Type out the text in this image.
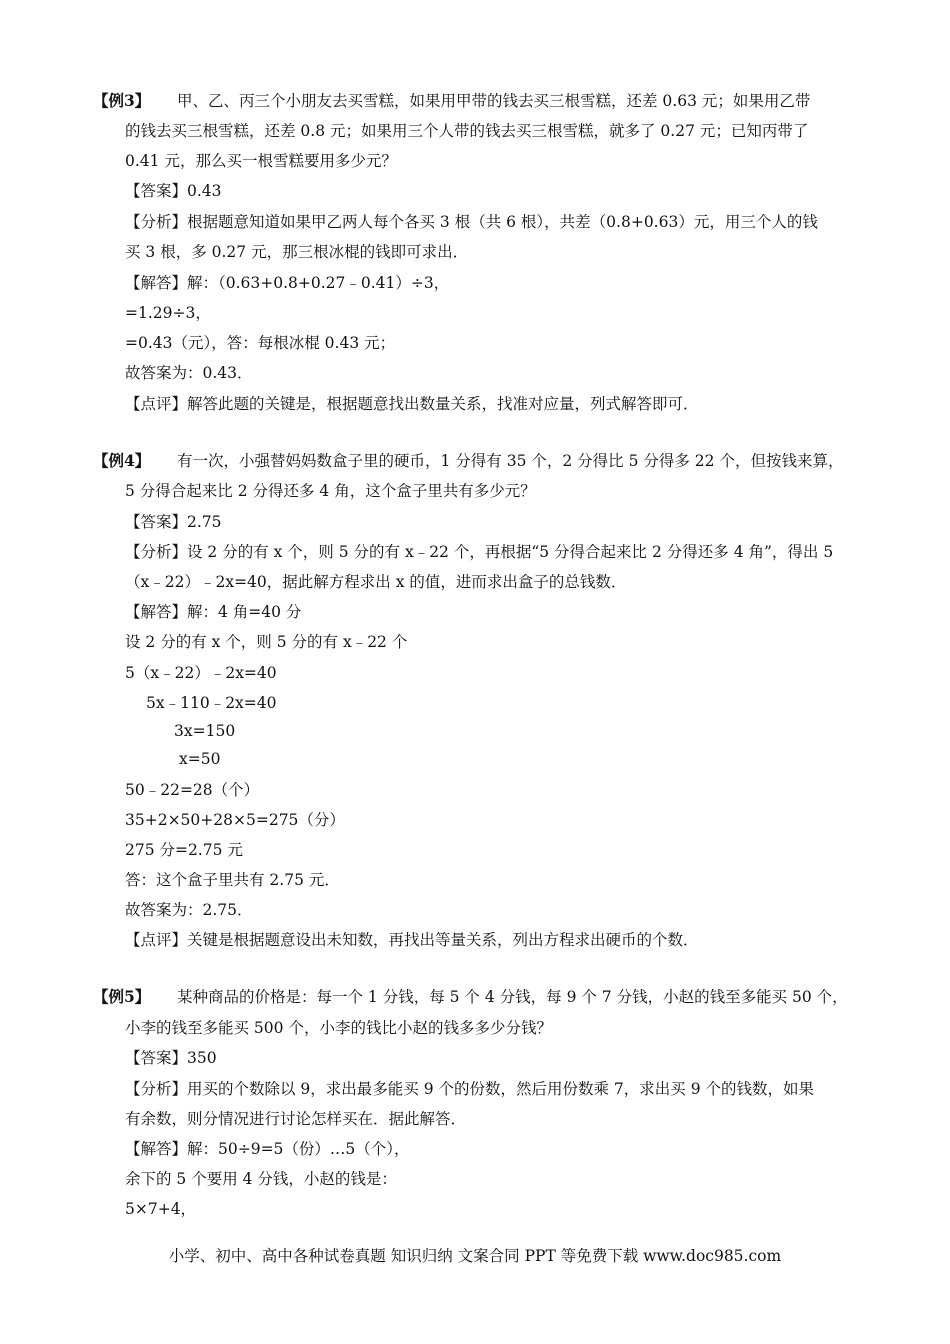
【例3】 甲、乙、丙三个小朋友去买雪糕，如果用甲带的钱去买三根雪糕，还差 0.63 元；如果用乙带
的钱去买三根雪糕，还差 0.8 元；如果用三个人带的钱去买三根雪糕，就多了 0.27 元；已知丙带了
0.41 元，那么买一根雪糕要用多少元？
【答案】0.43
【分析】根据题意知道如果甲乙两人每个各买 3 根（共 6 根），共差（0.8+0.63）元，用三个人的钱
买 3 根，多 0.27 元，那三根冰棍的钱即可求出．
【解答】解：（0.63+0.8+0.27﹣0.41）÷3，
=1.29÷3，
=0.43（元），答：每根冰棍 0.43 元；
故答案为：0.43．
【点评】解答此题的关键是，根据题意找出数量关系，找准对应量，列式解答即可．
【例4】 有一次，小强替妈妈数盒子里的硬币，1 分得有 35 个，2 分得比 5 分得多 22 个，但按钱来算，
5 分得合起来比 2 分得还多 4 角，这个盒子里共有多少元？
【答案】2.75
【分析】设 2 分的有 x 个，则 5 分的有 x﹣22 个，再根据“5 分得合起来比 2 分得还多 4 角”，得出 5
（x﹣22）﹣2x=40，据此解方程求出 x 的值，进而求出盒子的总钱数．
【解答】解：4 角=40 分
设 2 分的有 x 个，则 5 分的有 x﹣22 个
5（x﹣22）﹣2x=40
5x﹣110﹣2x=40
3x=150
x=50
50﹣22=28（个）
35+2×50+28×5=275（分）
275 分=2.75 元
答：这个盒子里共有 2.75 元．
故答案为：2.75．
【点评】关键是根据题意设出未知数，再找出等量关系，列出方程求出硬币的个数．
【例5】 某种商品的价格是：每一个 1 分钱，每 5 个 4 分钱，每 9 个 7 分钱，小赵的钱至多能买 50 个，
小李的钱至多能买 500 个，小李的钱比小赵的钱多多少分钱？
【答案】350
【分析】用买的个数除以 9，求出最多能买 9 个的份数，然后用份数乘 7，求出买 9 个的钱数，如果
有余数，则分情况进行讨论怎样买在．据此解答．
【解答】解：50÷9=5（份）…5（个），
余下的 5 个要用 4 分钱，小赵的钱是：
5×7+4，
小学、初中、高中各种试卷真题 知识归纳 文案合同 PPT 等免费下载 www.doc985.com
